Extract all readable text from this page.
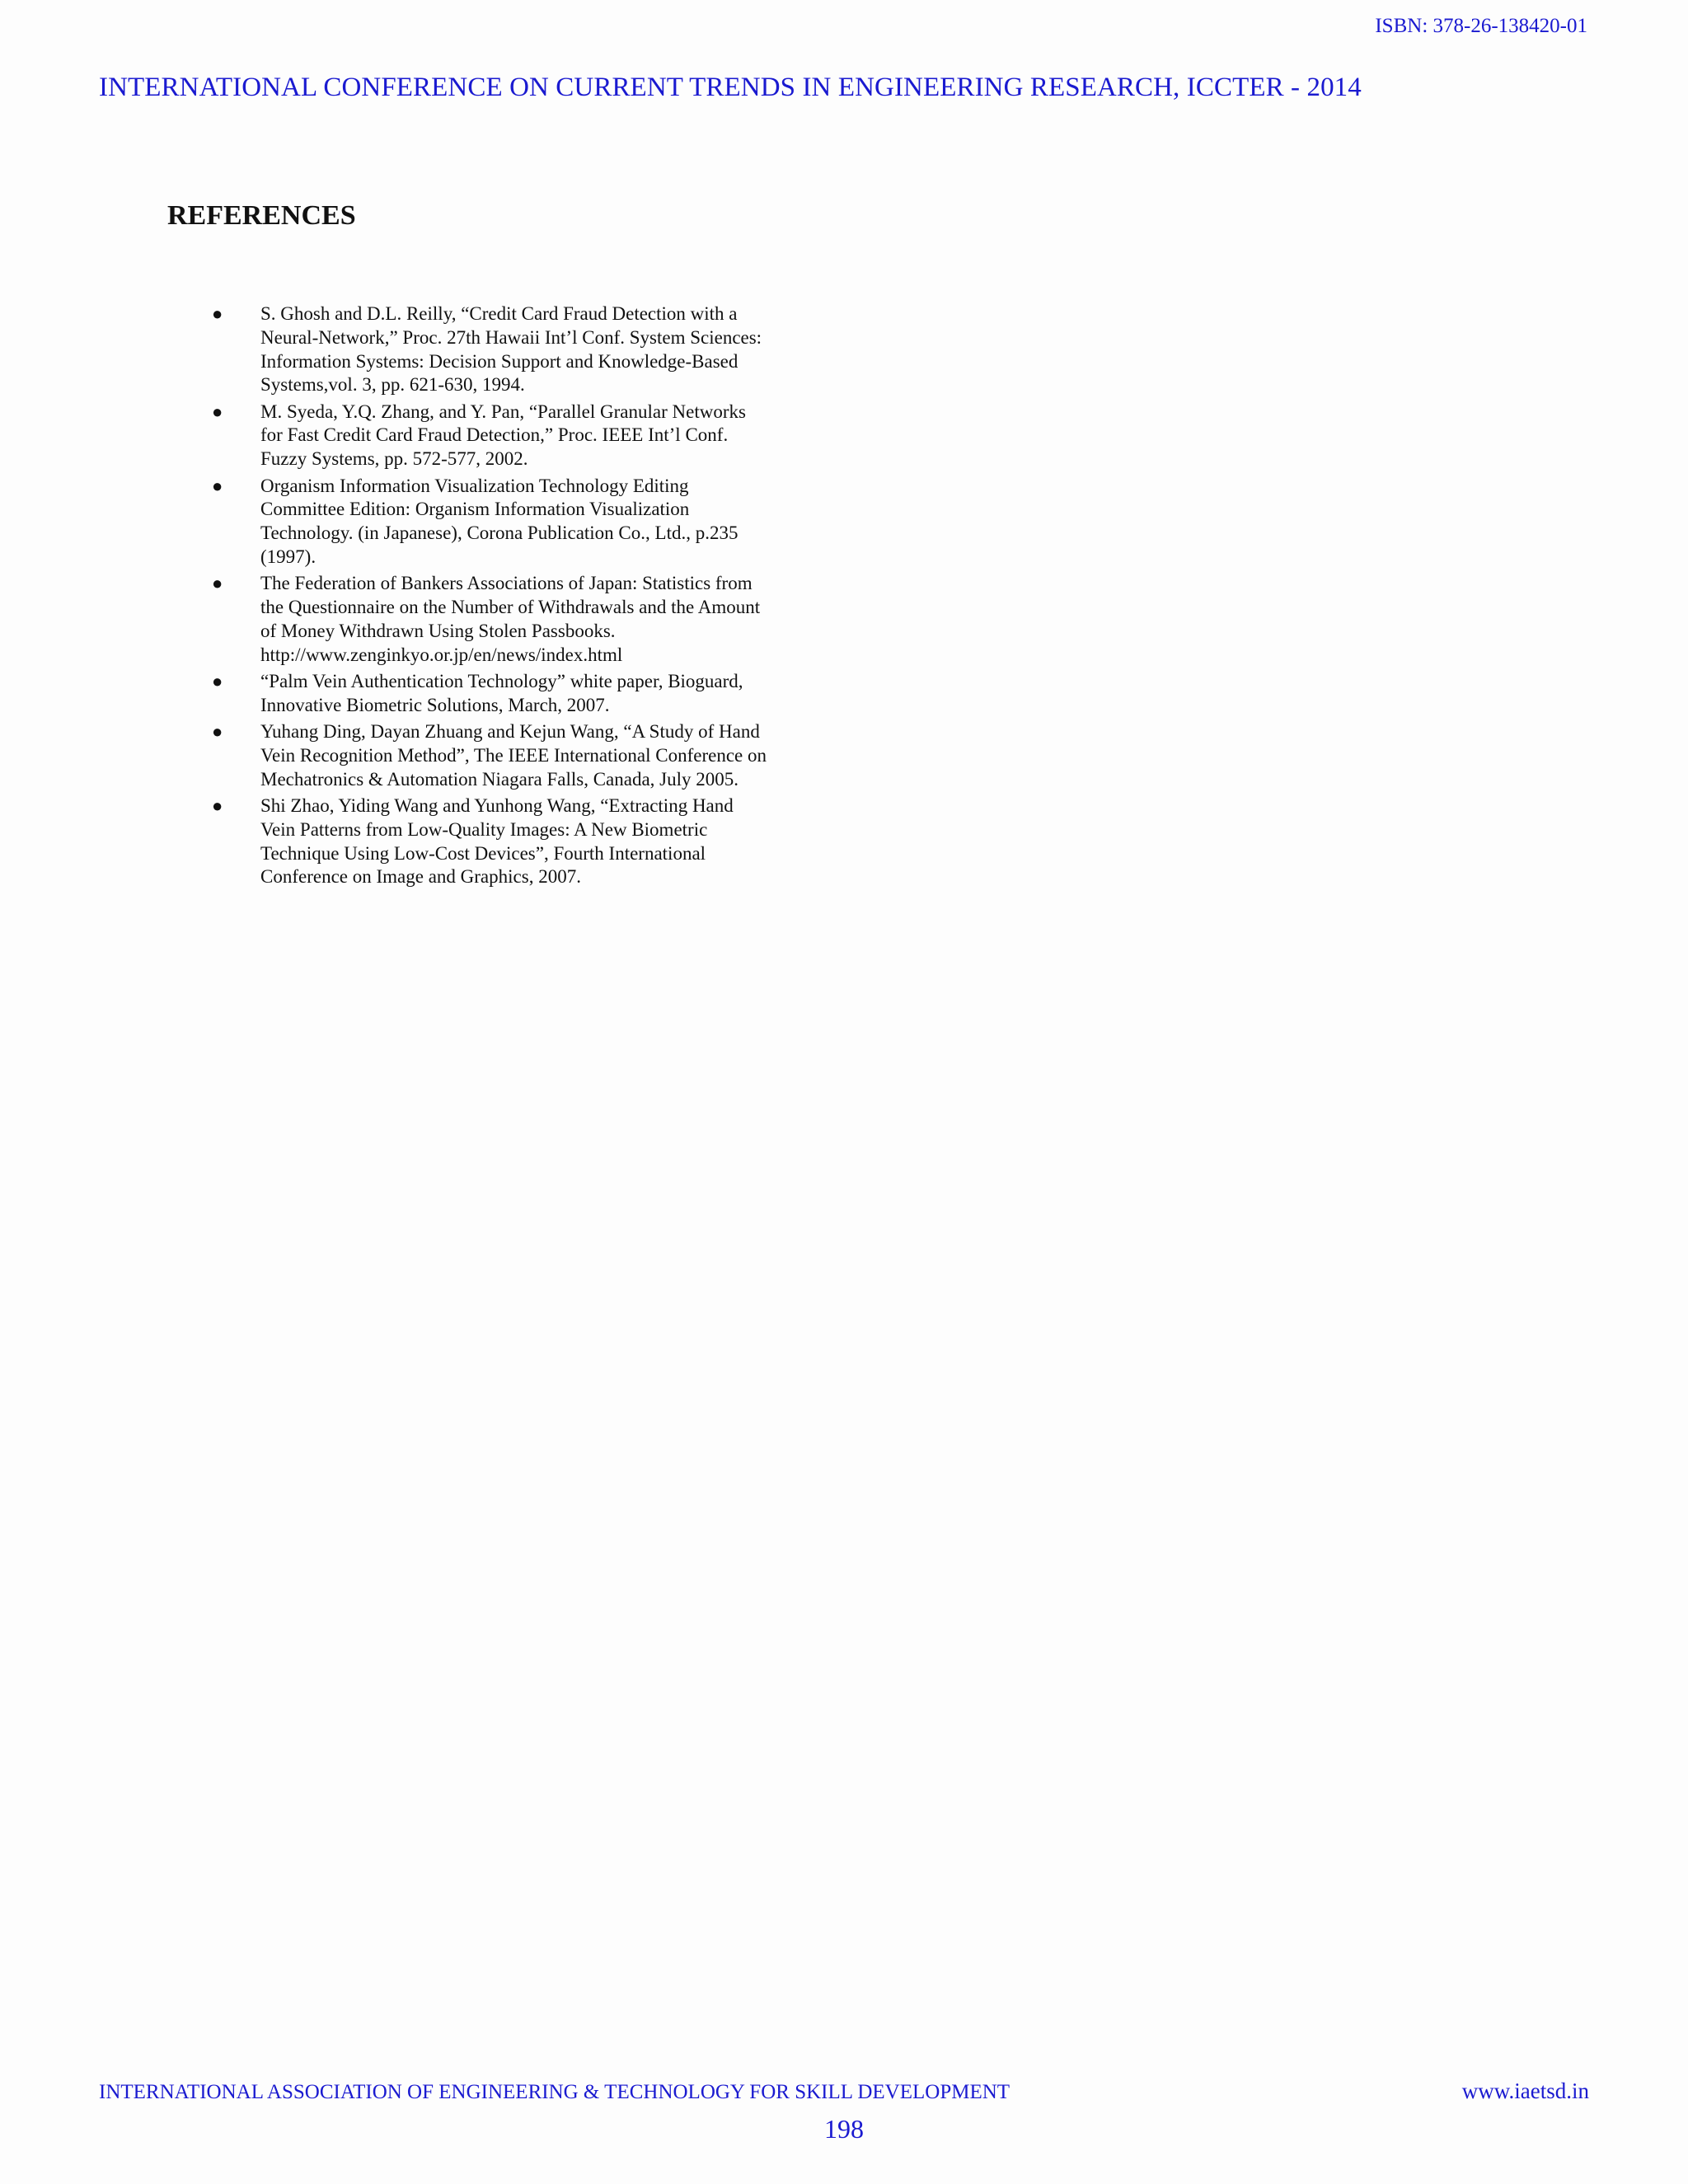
ISBN: 378-26-138420-01
INTERNATIONAL CONFERENCE ON CURRENT TRENDS IN ENGINEERING RESEARCH, ICCTER - 2014
REFERENCES
● S. Ghosh and D.L. Reilly, “Credit Card Fraud Detection with a
Neural-Network,” Proc. 27th Hawaii Int’l Conf. System Sciences:
Information Systems: Decision Support and Knowledge-Based
Systems,vol. 3, pp. 621-630, 1994.
● M. Syeda, Y.Q. Zhang, and Y. Pan, “Parallel Granular Networks
for Fast Credit Card Fraud Detection,” Proc. IEEE Int’l Conf.
Fuzzy Systems, pp. 572-577, 2002.
● Organism Information Visualization Technology Editing
Committee Edition: Organism Information Visualization
Technology. (in Japanese), Corona Publication Co., Ltd., p.235
(1997).
● The Federation of Bankers Associations of Japan: Statistics from
the Questionnaire on the Number of Withdrawals and the Amount
of Money Withdrawn Using Stolen Passbooks.
http://www.zenginkyo.or.jp/en/news/index.html
● “Palm Vein Authentication Technology” white paper, Bioguard,
Innovative Biometric Solutions, March, 2007.
● Yuhang Ding, Dayan Zhuang and Kejun Wang, “A Study of Hand
Vein Recognition Method”, The IEEE International Conference on
Mechatronics & Automation Niagara Falls, Canada, July 2005.
● Shi Zhao, Yiding Wang and Yunhong Wang, “Extracting Hand
Vein Patterns from Low-Quality Images: A New Biometric
Technique Using Low-Cost Devices”, Fourth International
Conference on Image and Graphics, 2007.
INTERNATIONAL ASSOCIATION OF ENGINEERING & TECHNOLOGY FOR SKILL DEVELOPMENT	www.iaetsd.in
198
